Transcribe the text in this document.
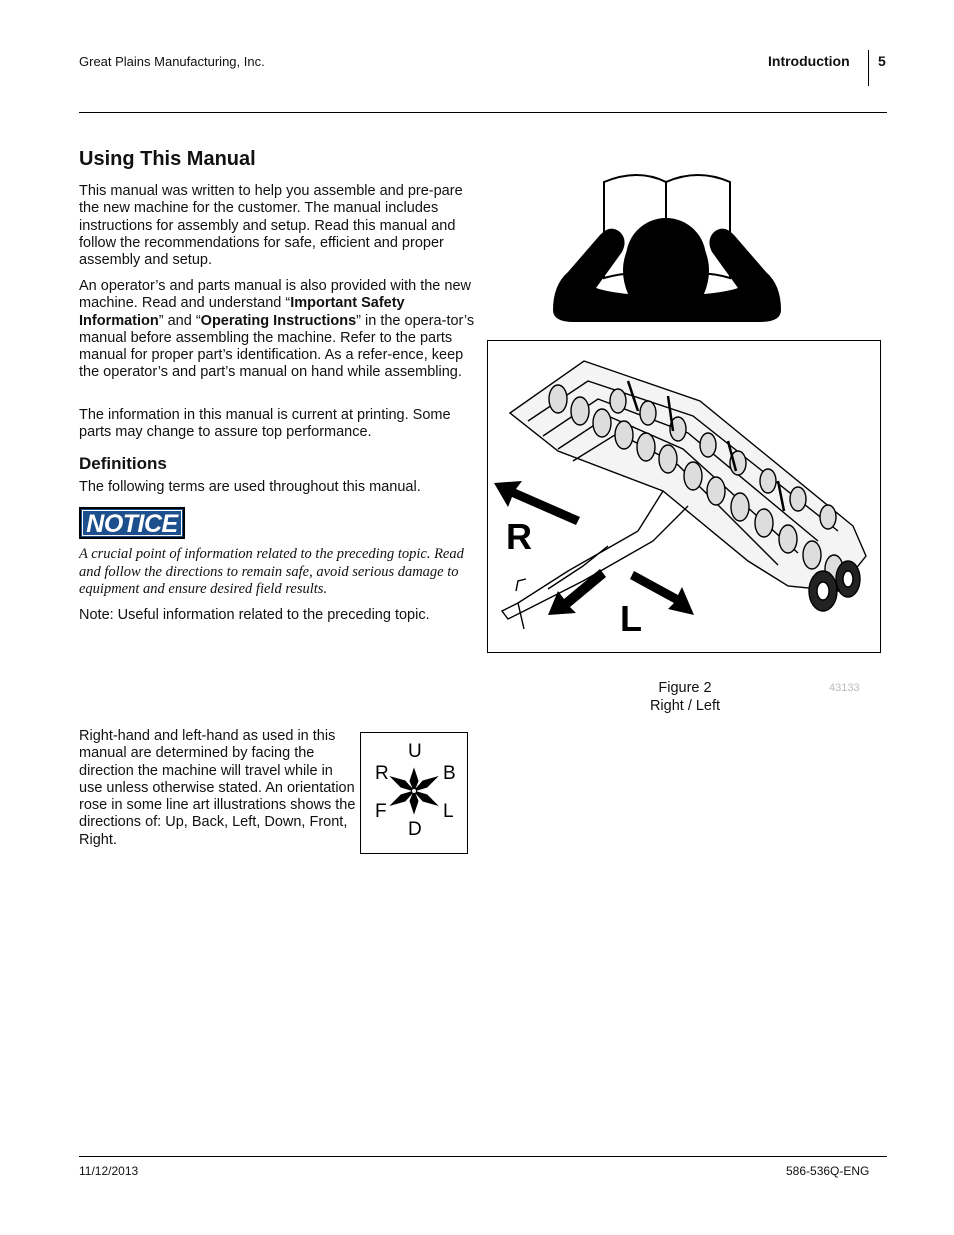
Great Plains Manufacturing, Inc.	Introduction 5
Using This Manual
This manual was written to help you assemble and pre-pare the new machine for the customer. The manual includes instructions for assembly and setup. Read this manual and follow the recommendations for safe, efficient and proper assembly and setup.
An operator’s and parts manual is also provided with the new machine. Read and understand “Important Safety Information” and “Operating Instructions” in the opera-tor’s manual before assembling the machine. Refer to the parts manual for proper part’s identification. As a refer-ence, keep the operator’s and part’s manual on hand while assembling.
The information in this manual is current at printing. Some parts may change to assure top performance.
Definitions
The following terms are used throughout this manual.
NOTICE
A crucial point of information related to the preceding topic. Read and follow the directions to remain safe, avoid serious damage to equipment and ensure desired field results.
Note: Useful information related to the preceding topic.
R
L
Figure 2
Right / Left
43133
Right-hand and left-hand as used in this manual are determined by facing the direction the machine will travel while in use unless otherwise stated. An orientation rose in some line art illustrations shows the directions of: Up, Back, Left, Down, Front, Right.
U
D
R	B
F	L
11/12/2013	586-536Q-ENG
